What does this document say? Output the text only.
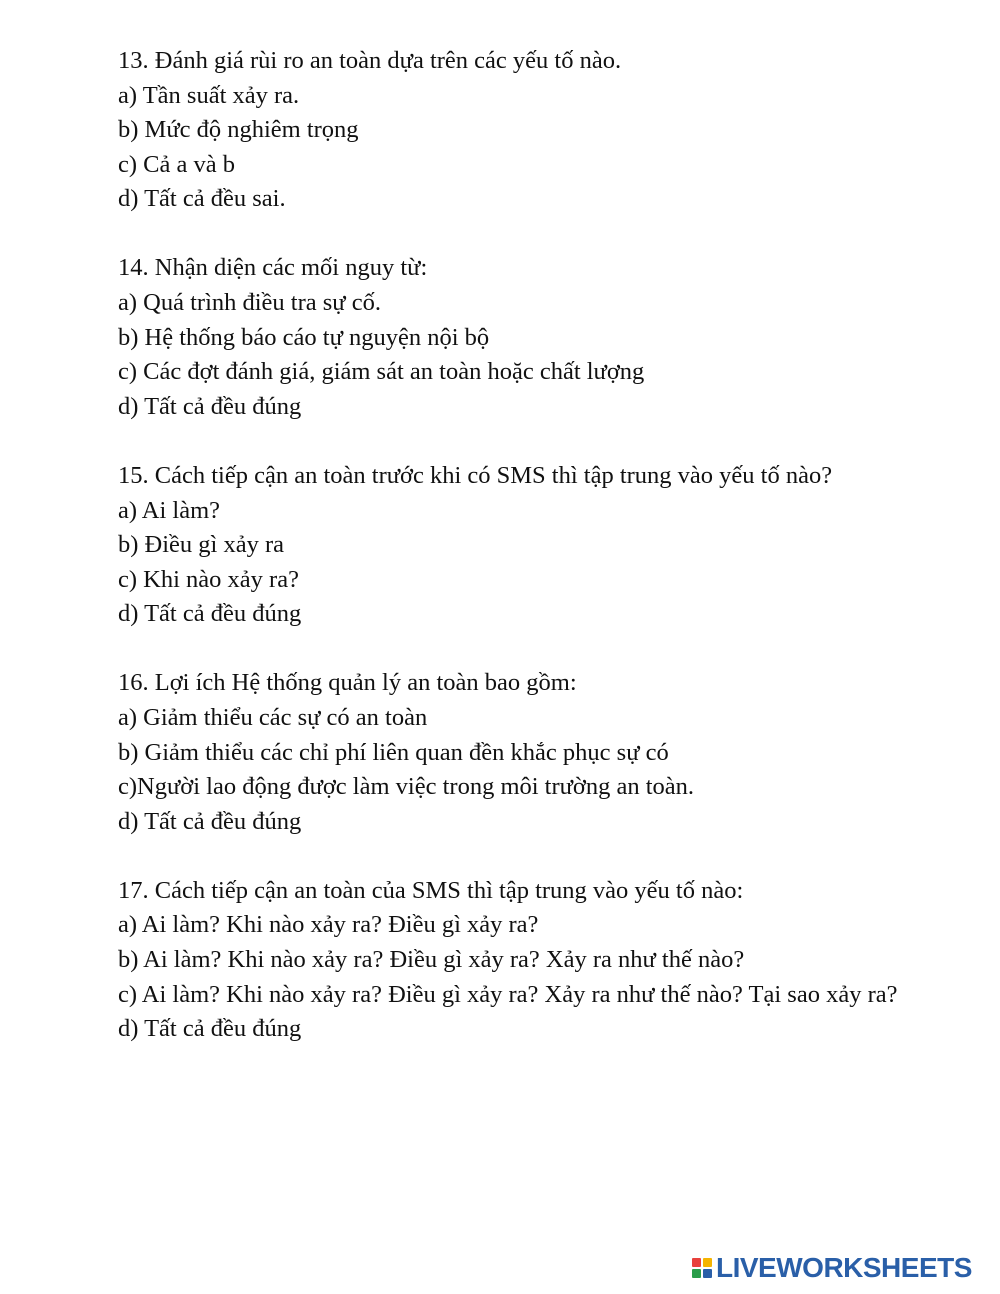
13. Đánh giá rùi ro an toàn dựa trên các yếu tố nào.

a) Tần suất xảy ra.

b) Mức độ nghiêm trọng

c) Cả a và b

d) Tất cả đều sai.

14. Nhận diện các mối nguy từ:

a) Quá trình điều tra sự cố.

b) Hệ thống báo cáo tự nguyện nội bộ

c) Các đợt đánh giá, giám sát an toàn hoặc chất lượng

d) Tất cả đều đúng

15. Cách tiếp cận an toàn trước khi có SMS thì tập trung vào yếu tố nào?

a) Ai làm?

b) Điều gì xảy ra

c) Khi nào xảy ra?

d) Tất cả đều đúng

16. Lợi ích Hệ thống quản lý an toàn bao gồm:

a) Giảm thiểu các sự có an toàn

b) Giảm thiểu các chỉ phí liên quan đền khắc phục sự có

c)Người lao động được làm việc trong môi trường an toàn.

d) Tất cả đều đúng

17. Cách tiếp cận an toàn của SMS thì tập trung vào yếu tố nào:

a) Ai làm? Khi nào xảy ra? Điều gì xảy ra?

b) Ai làm? Khi nào xảy ra? Điều gì xảy ra? Xảy ra như thế nào?

c) Ai làm? Khi nào xảy ra? Điều gì xảy ra? Xảy ra như thế nào? Tại sao xảy ra?

d) Tất cả đều đúng

LIVEWORKSHEETS
